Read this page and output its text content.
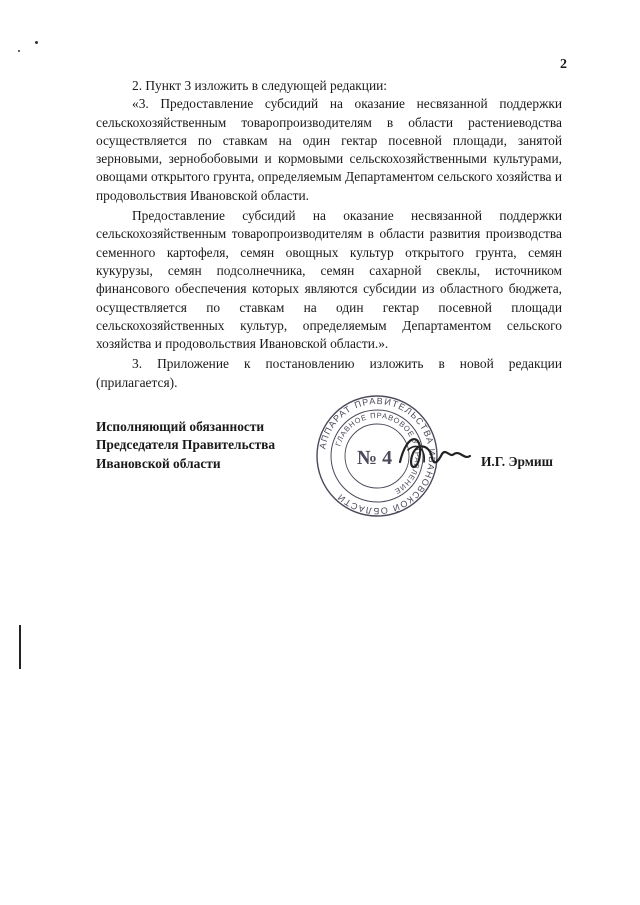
2

2. Пункт 3 изложить в следующей редакции:

«3. Предоставление субсидий на оказание несвязанной поддержки сельскохозяйственным товаропроизводителям в области растениеводства осуществляется по ставкам на один гектар посевной площади, занятой зерновыми, зернобобовыми и кормовыми сельскохозяйственными культурами, овощами открытого грунта, определяемым Департаментом сельского хозяйства и продовольствия Ивановской области.

Предоставление субсидий на оказание несвязанной поддержки сельскохозяйственным товаропроизводителям в области развития производства семенного картофеля, семян овощных культур открытого грунта, семян кукурузы, семян подсолнечника, семян сахарной свеклы, источником финансового обеспечения которых являются субсидии из областного бюджета, осуществляется по ставкам на один гектар посевной площади сельскохозяйственных культур, определяемым Департаментом сельского хозяйства и продовольствия Ивановской области.».

3. Приложение к постановлению изложить в новой редакции (прилагается).

Исполняющий обязанности
Председателя Правительства
Ивановской области
АППАРАТ ПРАВИТЕЛЬСТВА ИВАНОВСКОЙ ОБЛАСТИ
ГЛАВНОЕ ПРАВОВОЕ УПРАВЛЕНИЕ
№ 4	И.Г. Эрмиш
